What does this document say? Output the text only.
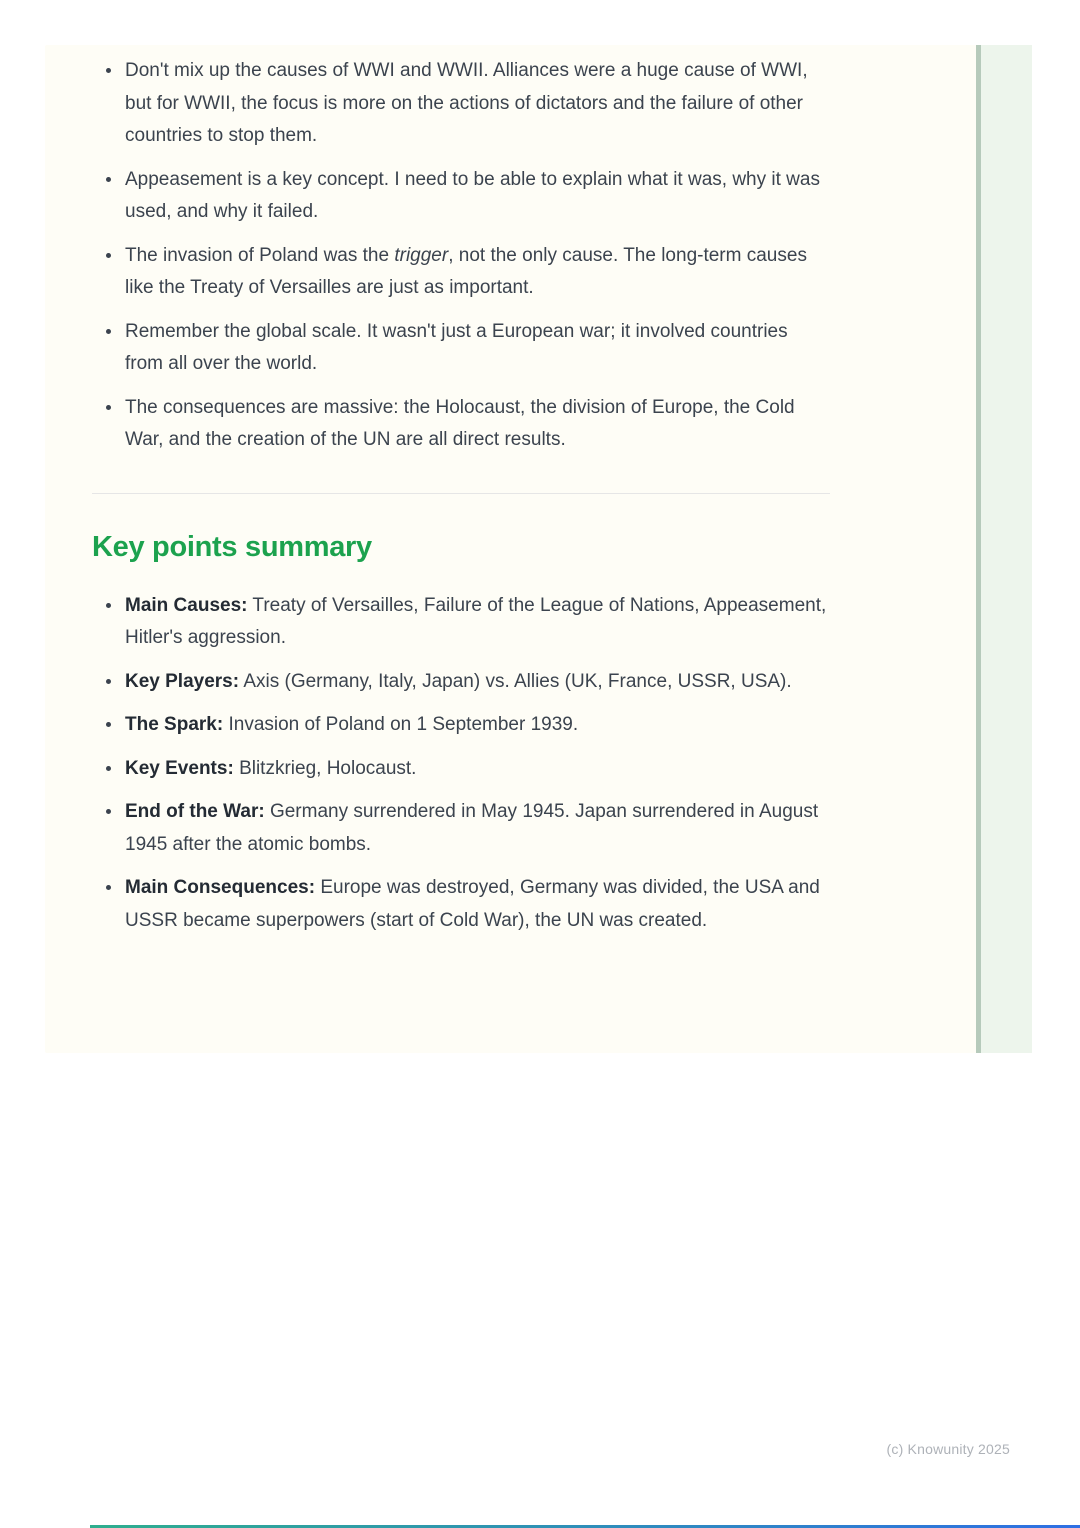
• Don't mix up the causes of WWI and WWII. Alliances were a huge cause of WWI, but for WWII, the focus is more on the actions of dictators and the failure of other countries to stop them.
• Appeasement is a key concept. I need to be able to explain what it was, why it was used, and why it failed.
• The invasion of Poland was the trigger, not the only cause. The long-term causes like the Treaty of Versailles are just as important.
• Remember the global scale. It wasn't just a European war; it involved countries from all over the world.
• The consequences are massive: the Holocaust, the division of Europe, the Cold War, and the creation of the UN are all direct results.
Key points summary
• Main Causes: Treaty of Versailles, Failure of the League of Nations, Appeasement, Hitler's aggression.
• Key Players: Axis (Germany, Italy, Japan) vs. Allies (UK, France, USSR, USA).
• The Spark: Invasion of Poland on 1 September 1939.
• Key Events: Blitzkrieg, Holocaust.
• End of the War: Germany surrendered in May 1945. Japan surrendered in August 1945 after the atomic bombs.
• Main Consequences: Europe was destroyed, Germany was divided, the USA and USSR became superpowers (start of Cold War), the UN was created.
(c) Knowunity 2025
